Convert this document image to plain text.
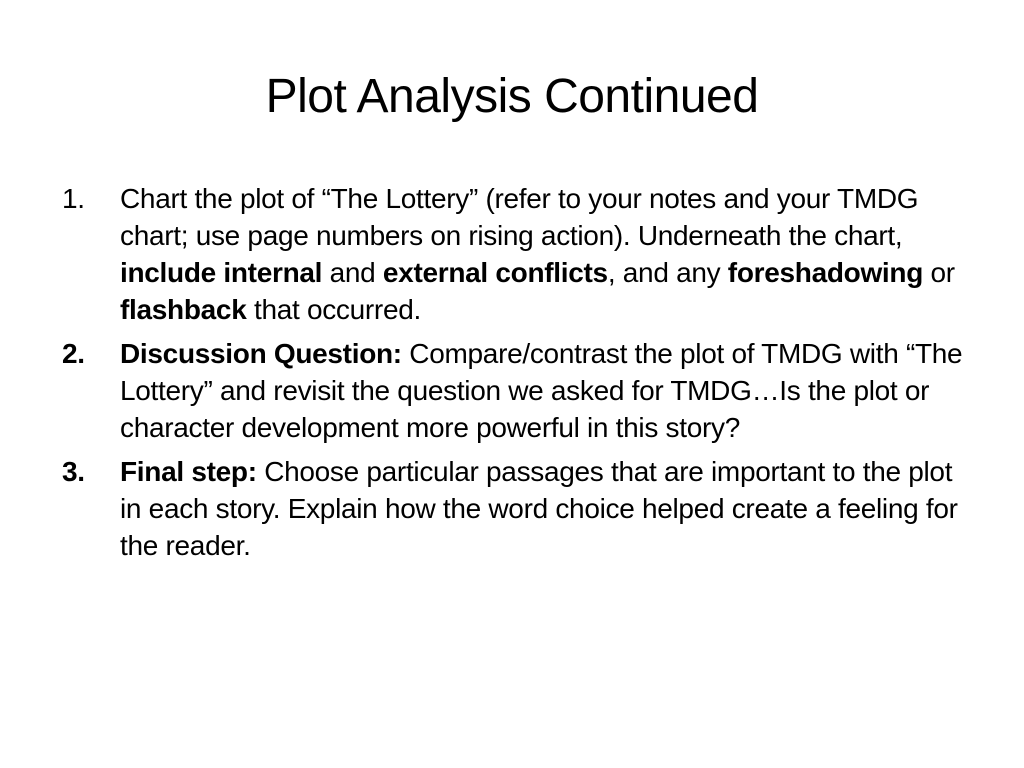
Plot Analysis Continued
1.	Chart the plot of “The Lottery” (refer to your notes and your TMDG chart; use page numbers on rising action). Underneath the chart, include internal and external conflicts, and any foreshadowing or flashback that occurred.
2.	Discussion Question: Compare/contrast the plot of TMDG with “The Lottery” and revisit the question we asked for TMDG…Is the plot or character development more powerful in this story?
3.	Final step: Choose particular passages that are important to the plot in each story. Explain how the word choice helped create a feeling for the reader.
